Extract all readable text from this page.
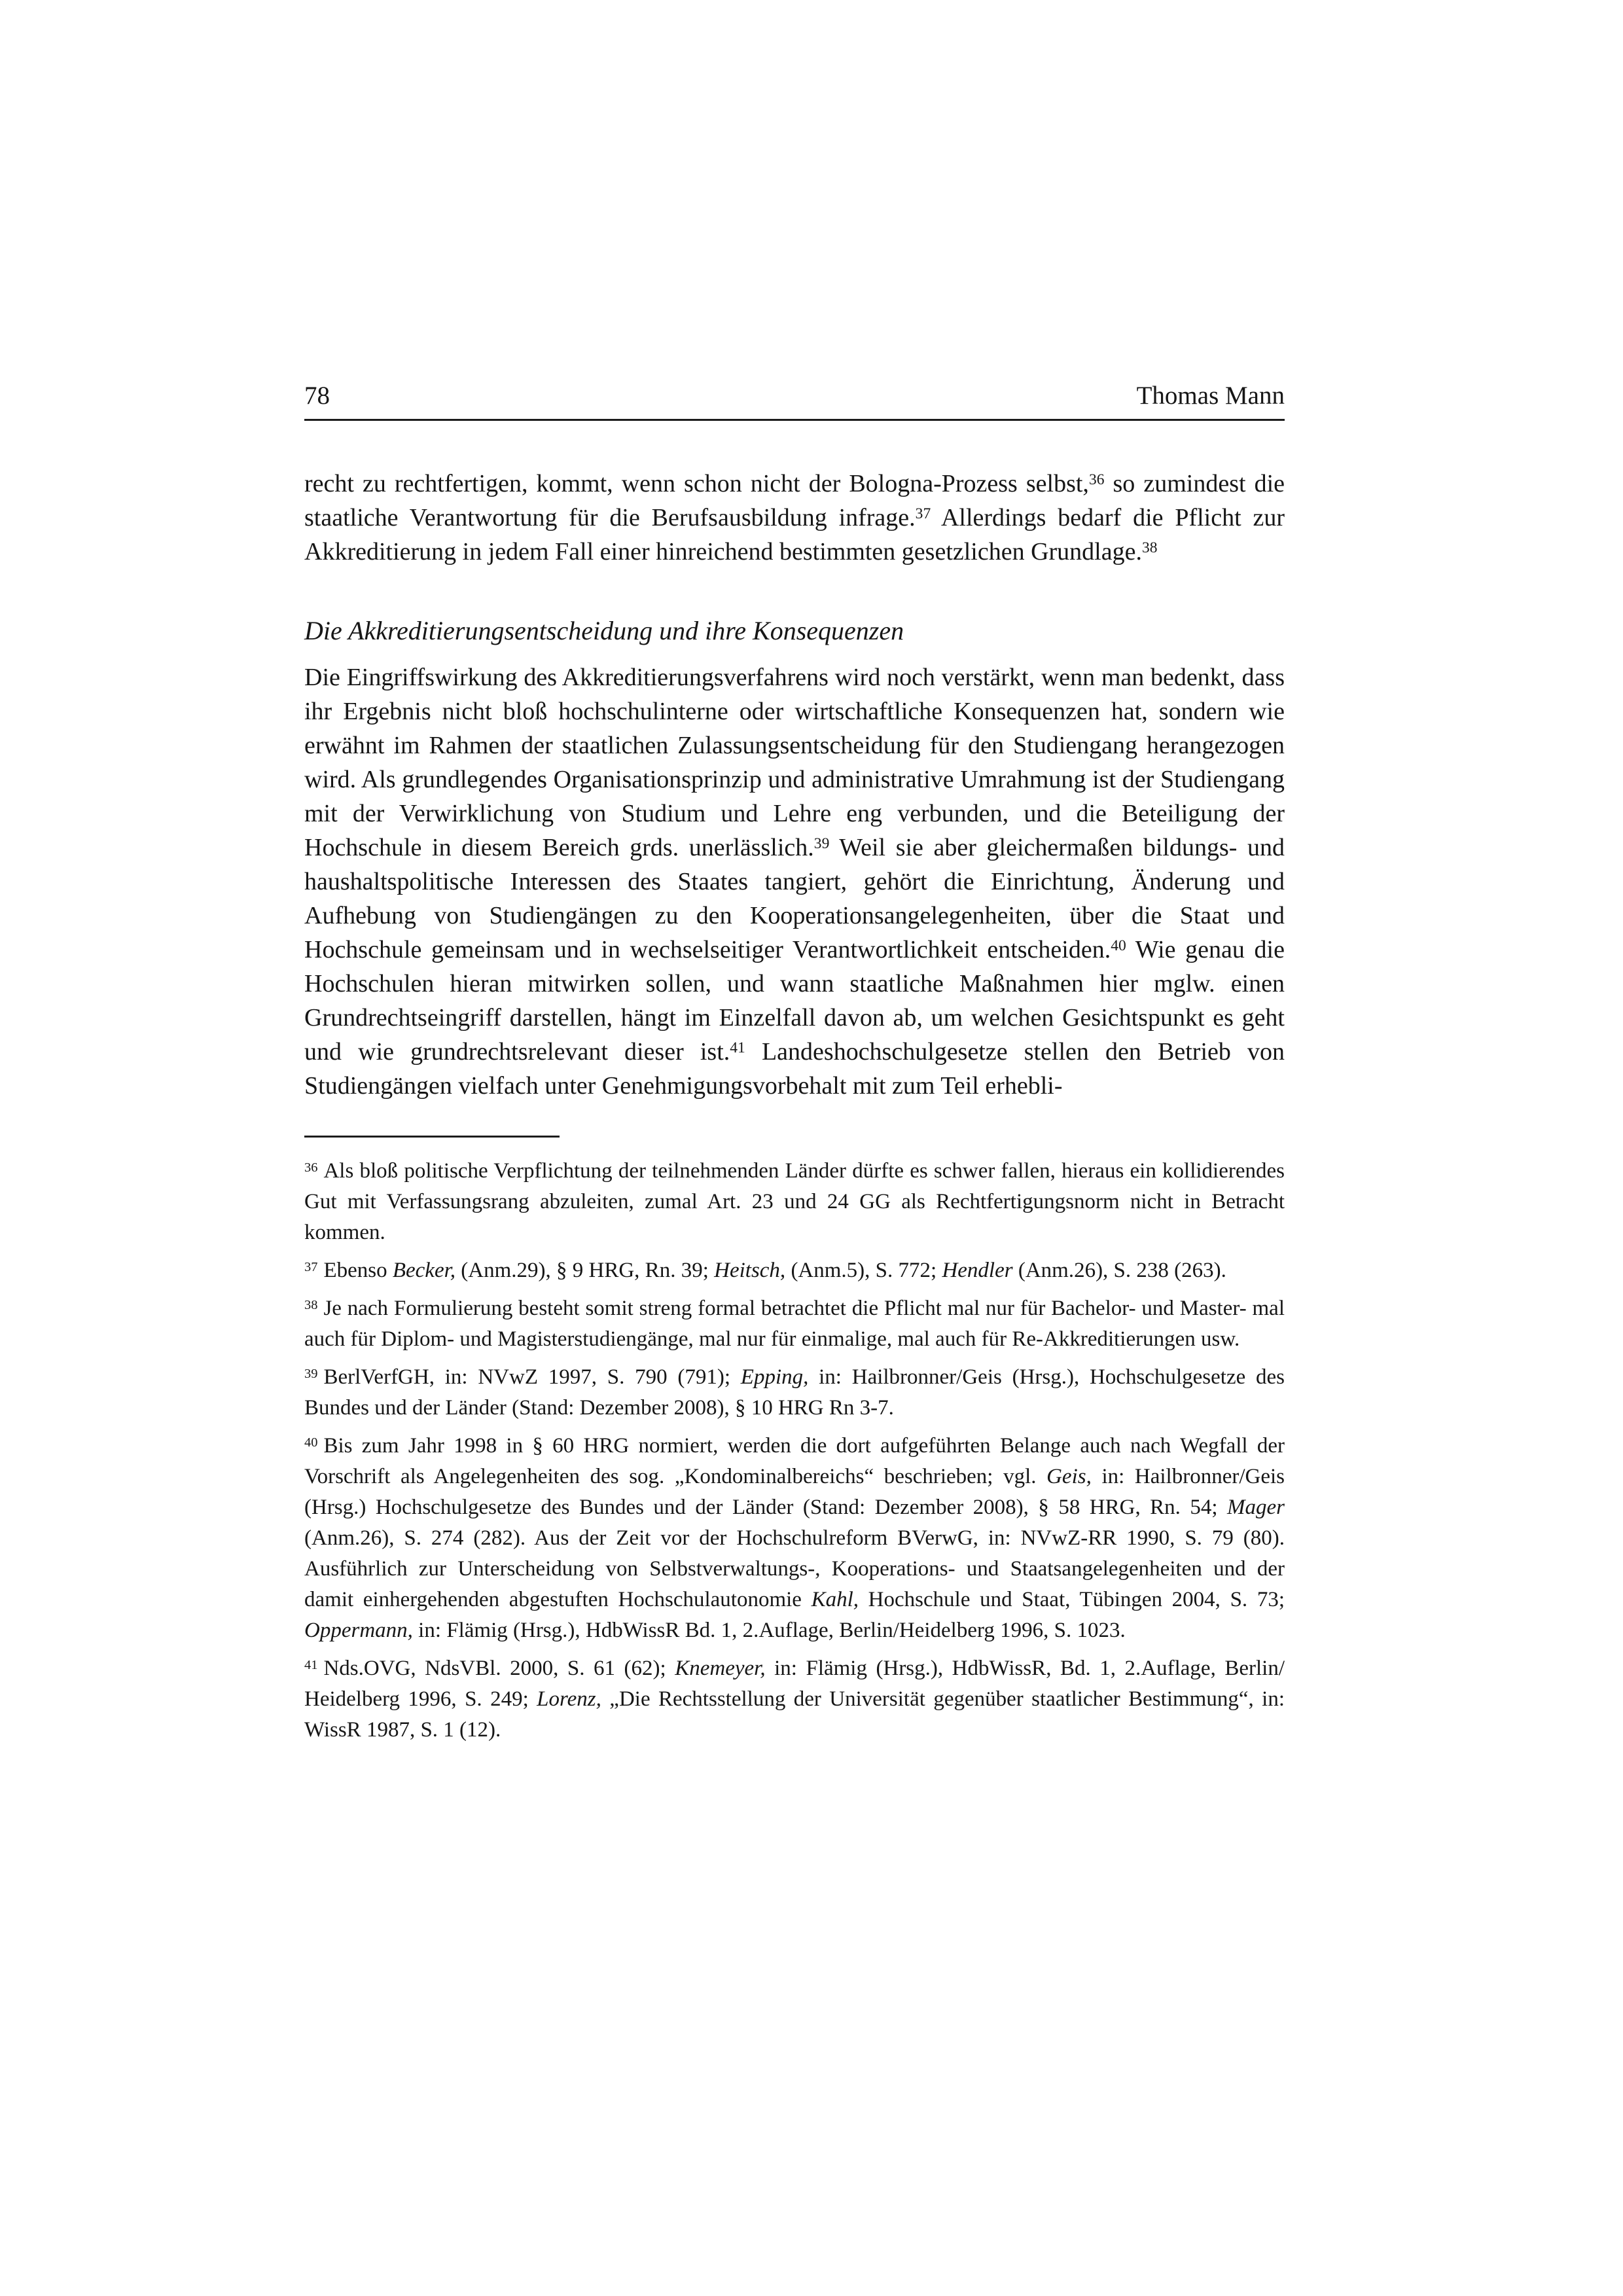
78	Thomas Mann

recht zu rechtfertigen, kommt, wenn schon nicht der Bologna-Prozess selbst,$^{36}$ so zumindest die staatliche Verantwortung für die Berufsausbildung infrage.$^{37}$ Allerdings bedarf die Pflicht zur Akkreditierung in jedem Fall einer hinreichend bestimmten gesetzlichen Grundlage.$^{38}$

Die Akkreditierungsentscheidung und ihre Konsequenzen

Die Eingriffswirkung des Akkreditierungsverfahrens wird noch verstärkt, wenn man bedenkt, dass ihr Ergebnis nicht bloß hochschulinterne oder wirtschaftliche Konsequenzen hat, sondern wie erwähnt im Rahmen der staatlichen Zulassungsentscheidung für den Studiengang herangezogen wird. Als grundlegendes Organisationsprinzip und administrative Umrahmung ist der Studiengang mit der Verwirklichung von Studium und Lehre eng verbunden, und die Beteiligung der Hochschule in diesem Bereich grds. unerlässlich.$^{39}$ Weil sie aber gleichermaßen bildungs- und haushaltspolitische Interessen des Staates tangiert, gehört die Einrichtung, Änderung und Aufhebung von Studiengängen zu den Kooperationsangelegenheiten, über die Staat und Hochschule gemeinsam und in wechselseitiger Verantwortlichkeit entscheiden.$^{40}$ Wie genau die Hochschulen hieran mitwirken sollen, und wann staatliche Maßnahmen hier mglw. einen Grundrechtseingriff darstellen, hängt im Einzelfall davon ab, um welchen Gesichtspunkt es geht und wie grundrechtsrelevant dieser ist.$^{41}$ Landeshochschulgesetze stellen den Betrieb von Studiengängen vielfach unter Genehmigungsvorbehalt mit zum Teil erhebli-

$^{36}$ Als bloß politische Verpflichtung der teilnehmenden Länder dürfte es schwer fallen, hieraus ein kollidierendes Gut mit Verfassungsrang abzuleiten, zumal Art. 23 und 24 GG als Rechtfertigungsnorm nicht in Betracht kommen.

$^{37}$ Ebenso Becker, (Anm.29), § 9 HRG, Rn. 39; Heitsch, (Anm.5), S. 772; Hendler (Anm.26), S. 238 (263).

$^{38}$ Je nach Formulierung besteht somit streng formal betrachtet die Pflicht mal nur für Bachelor- und Master- mal auch für Diplom- und Magisterstudiengänge, mal nur für einmalige, mal auch für Re-Akkreditierungen usw.

$^{39}$ BerlVerfGH, in: NVwZ 1997, S. 790 (791); Epping, in: Hailbronner/Geis (Hrsg.), Hochschulgesetze des Bundes und der Länder (Stand: Dezember 2008), § 10 HRG Rn 3-7.

$^{40}$ Bis zum Jahr 1998 in § 60 HRG normiert, werden die dort aufgeführten Belange auch nach Wegfall der Vorschrift als Angelegenheiten des sog. „Kondominalbereichs“ beschrieben; vgl. Geis, in: Hailbronner/Geis (Hrsg.) Hochschulgesetze des Bundes und der Länder (Stand: Dezember 2008), § 58 HRG, Rn. 54; Mager (Anm.26), S. 274 (282). Aus der Zeit vor der Hochschulreform BVerwG, in: NVwZ-RR 1990, S. 79 (80). Ausführlich zur Unterscheidung von Selbstverwaltungs-, Kooperations- und Staatsangelegenheiten und der damit einhergehenden abgestuften Hochschulautonomie Kahl, Hochschule und Staat, Tübingen 2004, S. 73; Oppermann, in: Flämig (Hrsg.), HdbWissR Bd. 1, 2.Auflage, Berlin/Heidelberg 1996, S. 1023.

$^{41}$ Nds.OVG, NdsVBl. 2000, S. 61 (62); Knemeyer, in: Flämig (Hrsg.), HdbWissR, Bd. 1, 2.Auflage, Berlin/ Heidelberg 1996, S. 249; Lorenz, „Die Rechtsstellung der Universität gegenüber staatlicher Bestimmung“, in: WissR 1987, S. 1 (12).
